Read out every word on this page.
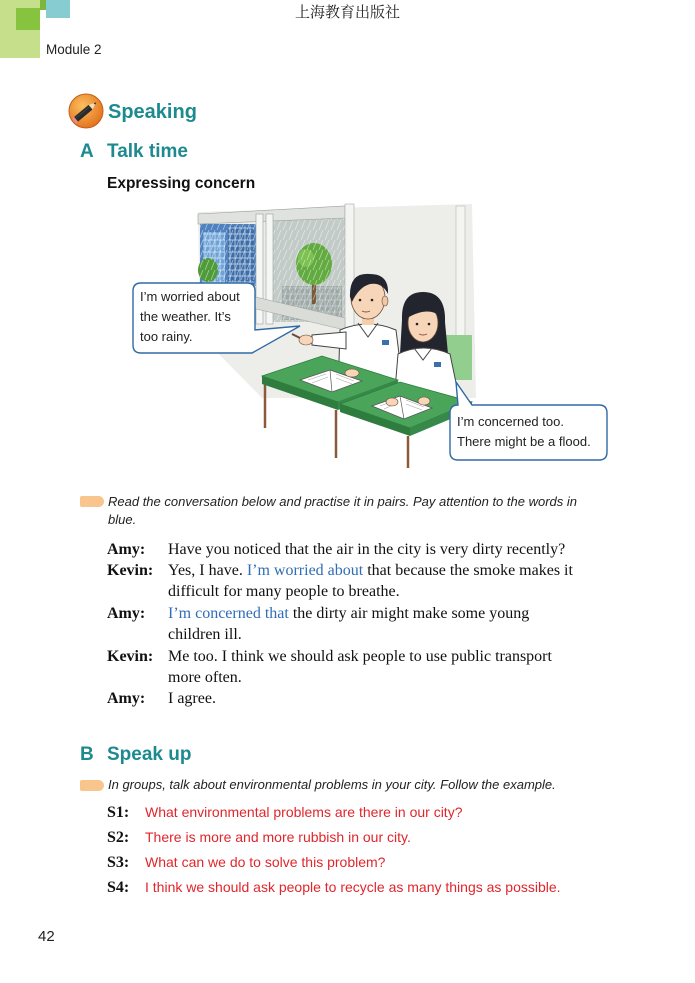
上海教育出版社
Module 2
Speaking
A Talk time
Expressing concern
I’m worried about
the weather. It’s
too rainy.
I’m concerned too.
There might be a flood.
Read the conversation below and practise it in pairs. Pay attention to the words in
blue.
Amy:	Have you noticed that the air in the city is very dirty recently?
Kevin: Yes, I have. I’m worried about that because the smoke makes it
difficult for many people to breathe.
Amy:	I’m concerned that the dirty air might make some young
children ill.
Kevin: Me too. I think we should ask people to use public transport
more often.
Amy:	I agree.
B Speak up
In groups, talk about environmental problems in your city. Follow the example.
S1:	What environmental problems are there in our city?
S2:	There is more and more rubbish in our city.
S3:	What can we do to solve this problem?
S4:	I think we should ask people to recycle as many things as possible.
42
